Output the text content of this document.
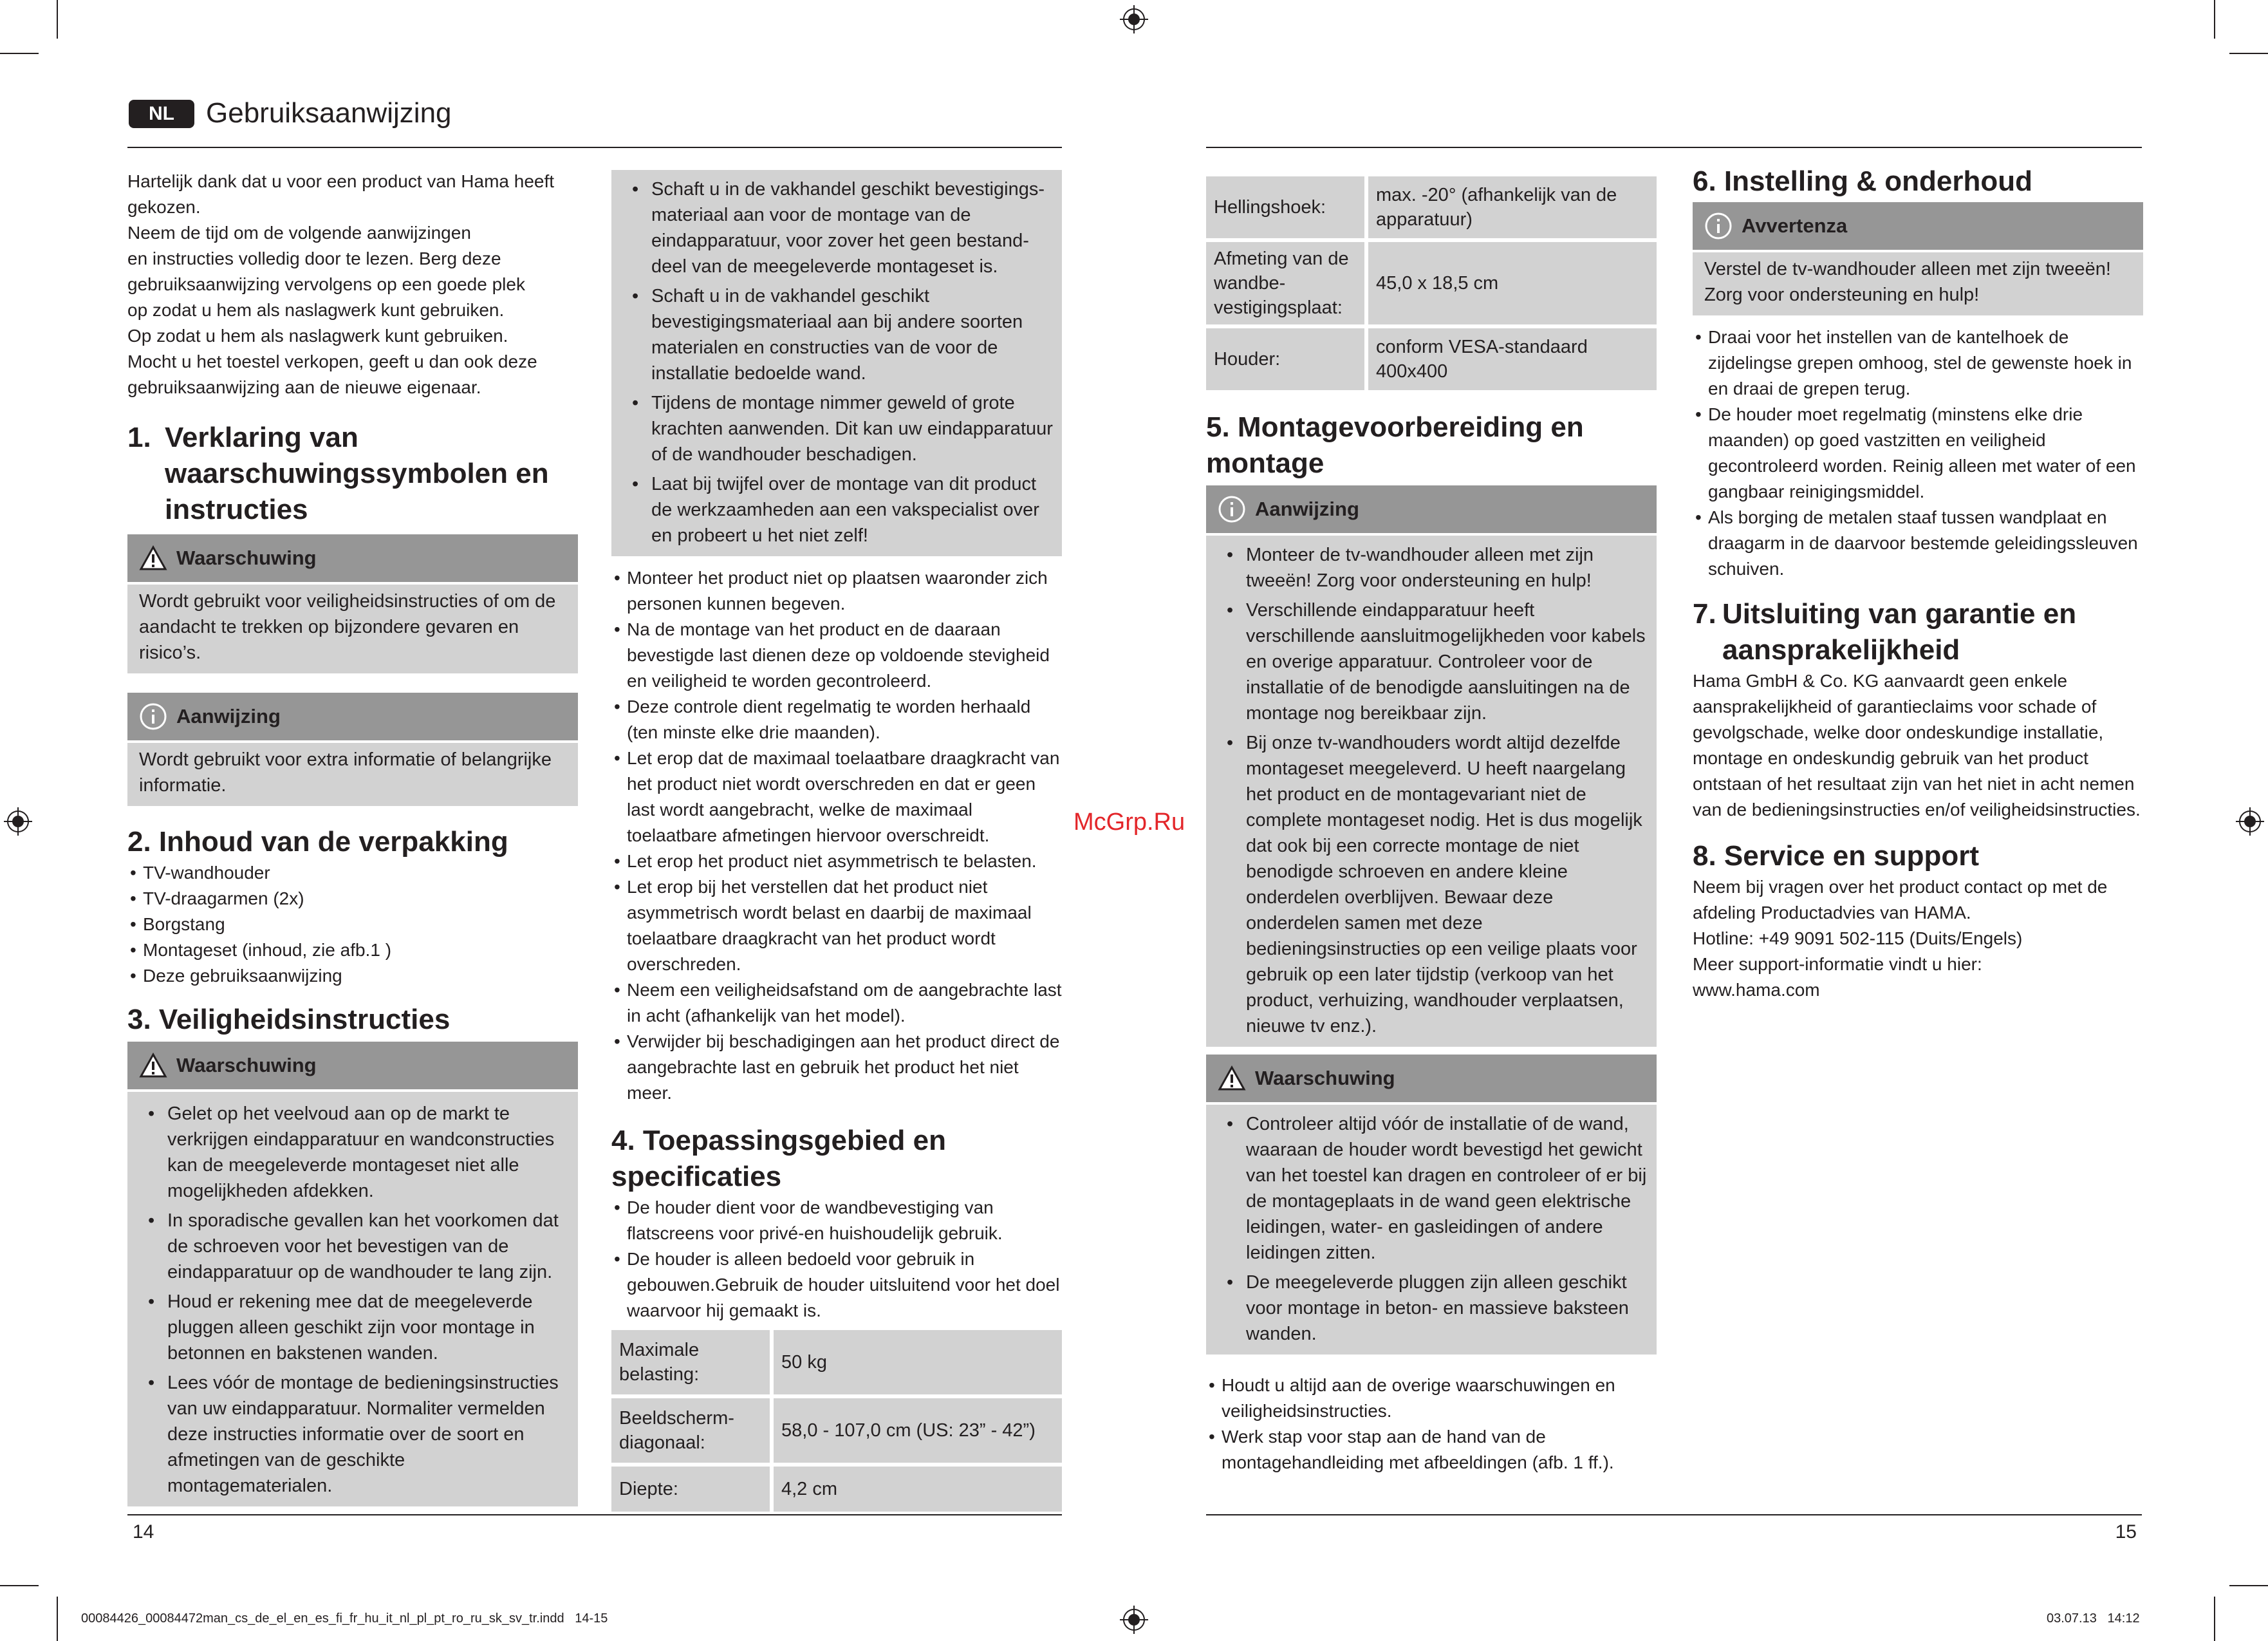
NL	Gebruiksaanwijzing
Hartelijk dank dat u voor een product van Hama heeft gekozen.
Neem de tijd om de volgende aanwijzingen
en instructies volledig door te lezen. Berg deze
gebruiksaanwijzing vervolgens op een goede plek
op zodat u hem als naslagwerk kunt gebruiken.
Op zodat u hem als naslagwerk kunt gebruiken.
Mocht u het toestel verkopen, geeft u dan ook deze
gebruiksaanwijzing aan de nieuwe eigenaar.
1. Verklaring van waarschuwingssymbolen en instructies
Waarschuwing
Wordt gebruikt voor veiligheidsinstructies of om de aandacht te trekken op bijzondere gevaren en risico’s.
Aanwijzing
Wordt gebruikt voor extra informatie of belangrijke informatie.
2. Inhoud van de verpakking
• TV-wandhouder
• TV-draagarmen (2x)
• Borgstang
• Montageset (inhoud, zie afb.1 )
• Deze gebruiksaanwijzing
3. Veiligheidsinstructies
Waarschuwing
• Gelet op het veelvoud aan op de markt te verkrijgen eindapparatuur en wandconstructies kan de meegeleverde montageset niet alle mogelijkheden afdekken.
• In sporadische gevallen kan het voorkomen dat de schroeven voor het bevestigen van de eindapparatuur op de wandhouder te lang zijn.
• Houd er rekening mee dat de meegeleverde pluggen alleen geschikt zijn voor montage in betonnen en bakstenen wanden.
• Lees vóór de montage de bedieningsinstructies van uw eindapparatuur. Normaliter vermelden deze instructies informatie over de soort en afmetingen van de geschikte montagematerialen.
• Schaft u in de vakhandel geschikt bevestigings-materiaal aan voor de montage van de eindapparatuur, voor zover het geen bestand-deel van de meegeleverde montageset is.
• Schaft u in de vakhandel geschikt bevestigingsmateriaal aan bij andere soorten materialen en constructies van de voor de installatie bedoelde wand.
• Tijdens de montage nimmer geweld of grote krachten aanwenden. Dit kan uw eindapparatuur of de wandhouder beschadigen.
• Laat bij twijfel over de montage van dit product de werkzaamheden aan een vakspecialist over en probeert u het niet zelf!
• Monteer het product niet op plaatsen waaronder zich personen kunnen begeven.
• Na de montage van het product en de daaraan bevestigde last dienen deze op voldoende stevigheid en veiligheid te worden gecontroleerd.
• Deze controle dient regelmatig te worden herhaald (ten minste elke drie maanden).
• Let erop dat de maximaal toelaatbare draagkracht van het product niet wordt overschreden en dat er geen last wordt aangebracht, welke de maximaal toelaatbare afmetingen hiervoor overschreidt.
• Let erop het product niet asymmetrisch te belasten.
• Let erop bij het verstellen dat het product niet asymmetrisch wordt belast en daarbij de maximaal toelaatbare draagkracht van het product wordt overschreden.
• Neem een veiligheidsafstand om de aangebrachte last in acht (afhankelijk van het model).
• Verwijder bij beschadigingen aan het product direct de aangebrachte last en gebruik het product het niet meer.
4. Toepassingsgebied en specificaties
• De houder dient voor de wandbevestiging van flatscreens voor privé-en huishoudelijk gebruik.
• De houder is alleen bedoeld voor gebruik in gebouwen.Gebruik de houder uitsluitend voor het doel waarvoor hij gemaakt is.
Maximale belasting:	50 kg
Beeldscherm-diagonaal:	58,0 - 107,0 cm (US: 23” - 42”)
Diepte:	4,2 cm
Hellingshoek:	max. -20° (afhankelijk van de apparatuur)
Afmeting van de wandbe-vestigingsplaat:	45,0 x 18,5 cm
Houder:	conform VESA-standaard 400x400
5. Montagevoorbereiding en montage
Aanwijzing
• Monteer de tv-wandhouder alleen met zijn tweeën! Zorg voor ondersteuning en hulp!
• Verschillende eindapparatuur heeft verschillende aansluitmogelijkheden voor kabels en overige apparatuur. Controleer voor de installatie of de benodigde aansluitingen na de montage nog bereikbaar zijn.
• Bij onze tv-wandhouders wordt altijd dezelfde montageset meegeleverd. U heeft naargelang het product en de montagevariant niet de complete montageset nodig. Het is dus mogelijk dat ook bij een correcte montage de niet benodigde schroeven en andere kleine onderdelen overblijven. Bewaar deze onderdelen samen met deze bedieningsinstructies op een veilige plaats voor gebruik op een later tijdstip (verkoop van het product, verhuizing, wandhouder verplaatsen, nieuwe tv enz.).
Waarschuwing
• Controleer altijd vóór de installatie of de wand, waaraan de houder wordt bevestigd het gewicht van het toestel kan dragen en controleer of er bij de montageplaats in de wand geen elektrische leidingen, water- en gasleidingen of andere leidingen zitten.
• De meegeleverde pluggen zijn alleen geschikt voor montage in beton- en massieve baksteen wanden.
• Houdt u altijd aan de overige waarschuwingen en veiligheidsinstructies.
• Werk stap voor stap aan de hand van de montagehandleiding met afbeeldingen (afb. 1 ff.).
6. Instelling & onderhoud
Avvertenza
Verstel de tv-wandhouder alleen met zijn tweeën! Zorg voor ondersteuning en hulp!
• Draai voor het instellen van de kantelhoek de zijdelingse grepen omhoog, stel de gewenste hoek in en draai de grepen terug.
• De houder moet regelmatig (minstens elke drie maanden) op goed vastzitten en veiligheid gecontroleerd worden. Reinig alleen met water of een gangbaar reinigingsmiddel.
• Als borging de metalen staaf tussen wandplaat en draagarm in de daarvoor bestemde geleidingssleuven schuiven.
7. Uitsluiting van garantie en aansprakelijkheid
Hama GmbH & Co. KG aanvaardt geen enkele aansprakelijkheid of garantieclaims voor schade of gevolgschade, welke door ondeskundige installatie, montage en ondeskundig gebruik van het product ontstaan of het resultaat zijn van het niet in acht nemen van de bedieningsinstructies en/of veiligheidsinstructies.
8. Service en support
Neem bij vragen over het product contact op met de afdeling Productadvies van HAMA.
Hotline: +49 9091 502-115 (Duits/Engels)
Meer support-informatie vindt u hier:
www.hama.com
McGrp.Ru
14	15
00084426_00084472man_cs_de_el_en_es_fi_fr_hu_it_nl_pl_pt_ro_ru_sk_sv_tr.indd   14-15	03.07.13   14:12
